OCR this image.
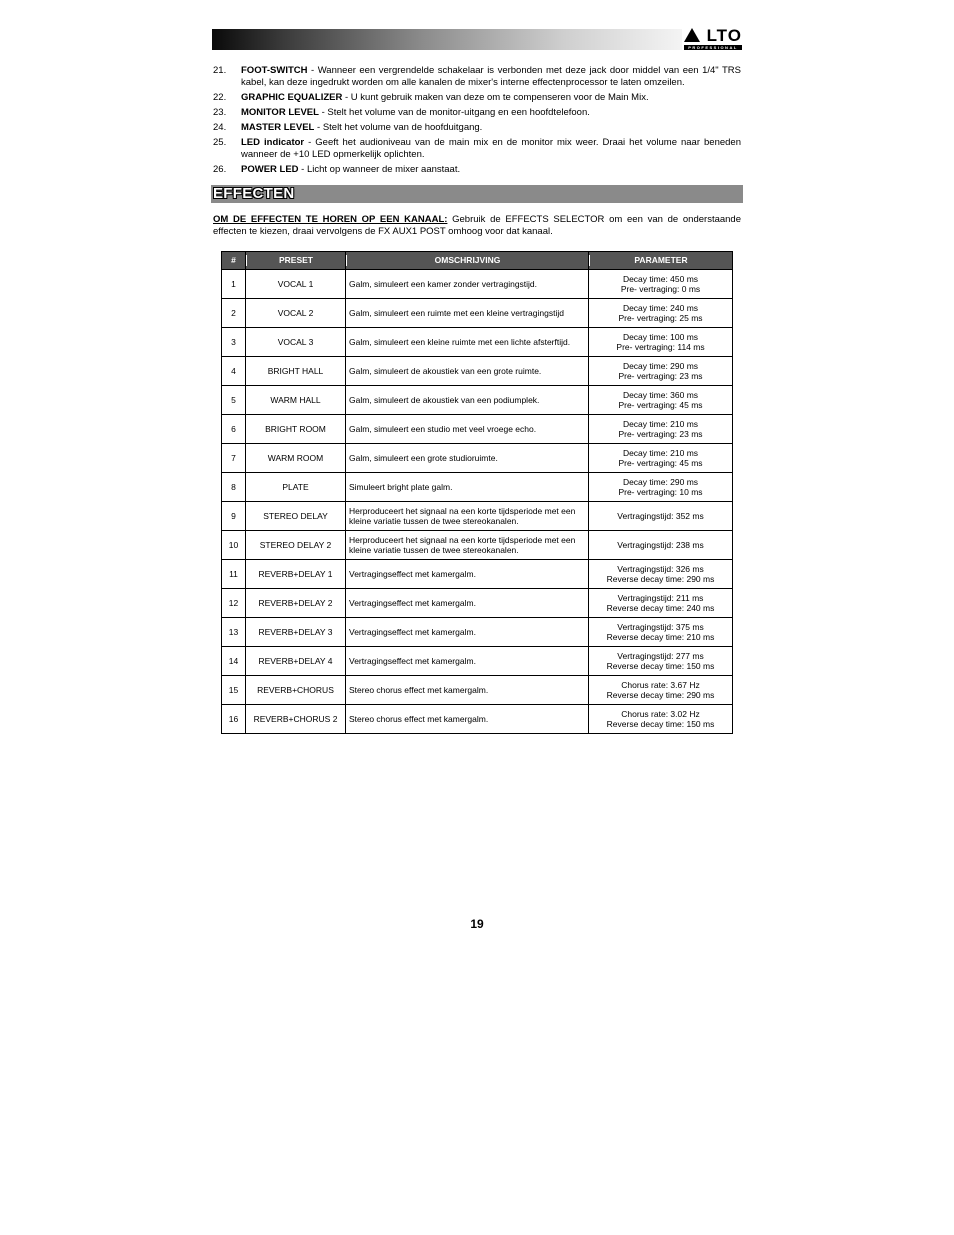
LTO
PROFESSIONAL
21.	FOOT-SWITCH - Wanneer een vergrendelde schakelaar is verbonden met deze jack door middel van een 1/4" TRS kabel, kan deze ingedrukt worden om alle kanalen de mixer's interne effectenprocessor te laten omzeilen.
22.	GRAPHIC EQUALIZER - U kunt gebruik maken van deze om te compenseren voor de Main Mix.
23.	MONITOR LEVEL - Stelt het volume van de monitor-uitgang en een hoofdtelefoon.
24.	MASTER LEVEL - Stelt het volume van de hoofduitgang.
25.	LED indicator - Geeft het audioniveau van de main mix en de monitor mix weer. Draai het volume naar beneden wanneer de +10 LED opmerkelijk oplichten.
26.	POWER LED - Licht op wanneer de mixer aanstaat.
EFFECTEN
OM DE EFFECTEN TE HOREN OP EEN KANAAL: Gebruik de EFFECTS SELECTOR om een van de onderstaande effecten te kiezen, draai vervolgens de FX AUX1 POST omhoog voor dat kanaal.
#	PRESET	OMSCHRIJVING	PARAMETER

1	VOCAL 1	Galm, simuleert een kamer zonder vertragingstijd.	Decay time: 450 ms
Pre- vertraging: 0 ms

2	VOCAL 2	Galm, simuleert een ruimte met een kleine vertragingstijd	Decay time: 240 ms
Pre- vertraging: 25 ms

3	VOCAL 3	Galm, simuleert een kleine ruimte met een lichte afsterftijd.	Decay time: 100 ms
Pre- vertraging: 114 ms

4	BRIGHT HALL	Galm, simuleert de akoustiek van een grote ruimte.	Decay time: 290 ms
Pre- vertraging: 23 ms

5	WARM HALL	Galm, simuleert de akoustiek van een podiumplek.	Decay time: 360 ms
Pre- vertraging: 45 ms

6	BRIGHT ROOM	Galm, simuleert een studio met veel vroege echo.	Decay time: 210 ms
Pre- vertraging: 23 ms

7	WARM ROOM	Galm, simuleert een grote studioruimte.	Decay time: 210 ms
Pre- vertraging: 45 ms

8	PLATE	Simuleert bright plate galm.	Decay time: 290 ms
Pre- vertraging: 10 ms

9	STEREO DELAY	Herproduceert het signaal na een korte tijdsperiode met een kleine variatie tussen de twee stereokanalen.	Vertragingstijd: 352 ms

10	STEREO DELAY 2	Herproduceert het signaal na een korte tijdsperiode met een kleine variatie tussen de twee stereokanalen.	Vertragingstijd: 238 ms

11	REVERB+DELAY 1	Vertragingseffect met kamergalm.	Vertragingstijd: 326 ms
Reverse decay time: 290 ms

12	REVERB+DELAY 2	Vertragingseffect met kamergalm.	Vertragingstijd: 211 ms
Reverse decay time: 240 ms

13	REVERB+DELAY 3	Vertragingseffect met kamergalm.	Vertragingstijd: 375 ms
Reverse decay time: 210 ms

14	REVERB+DELAY 4	Vertragingseffect met kamergalm.	Vertragingstijd: 277 ms
Reverse decay time: 150 ms

15	REVERB+CHORUS	Stereo chorus effect met kamergalm.	Chorus rate: 3.67 Hz
Reverse decay time: 290 ms

16	REVERB+CHORUS 2	Stereo chorus effect met kamergalm.	Chorus rate: 3.02 Hz
Reverse decay time: 150 ms
19
